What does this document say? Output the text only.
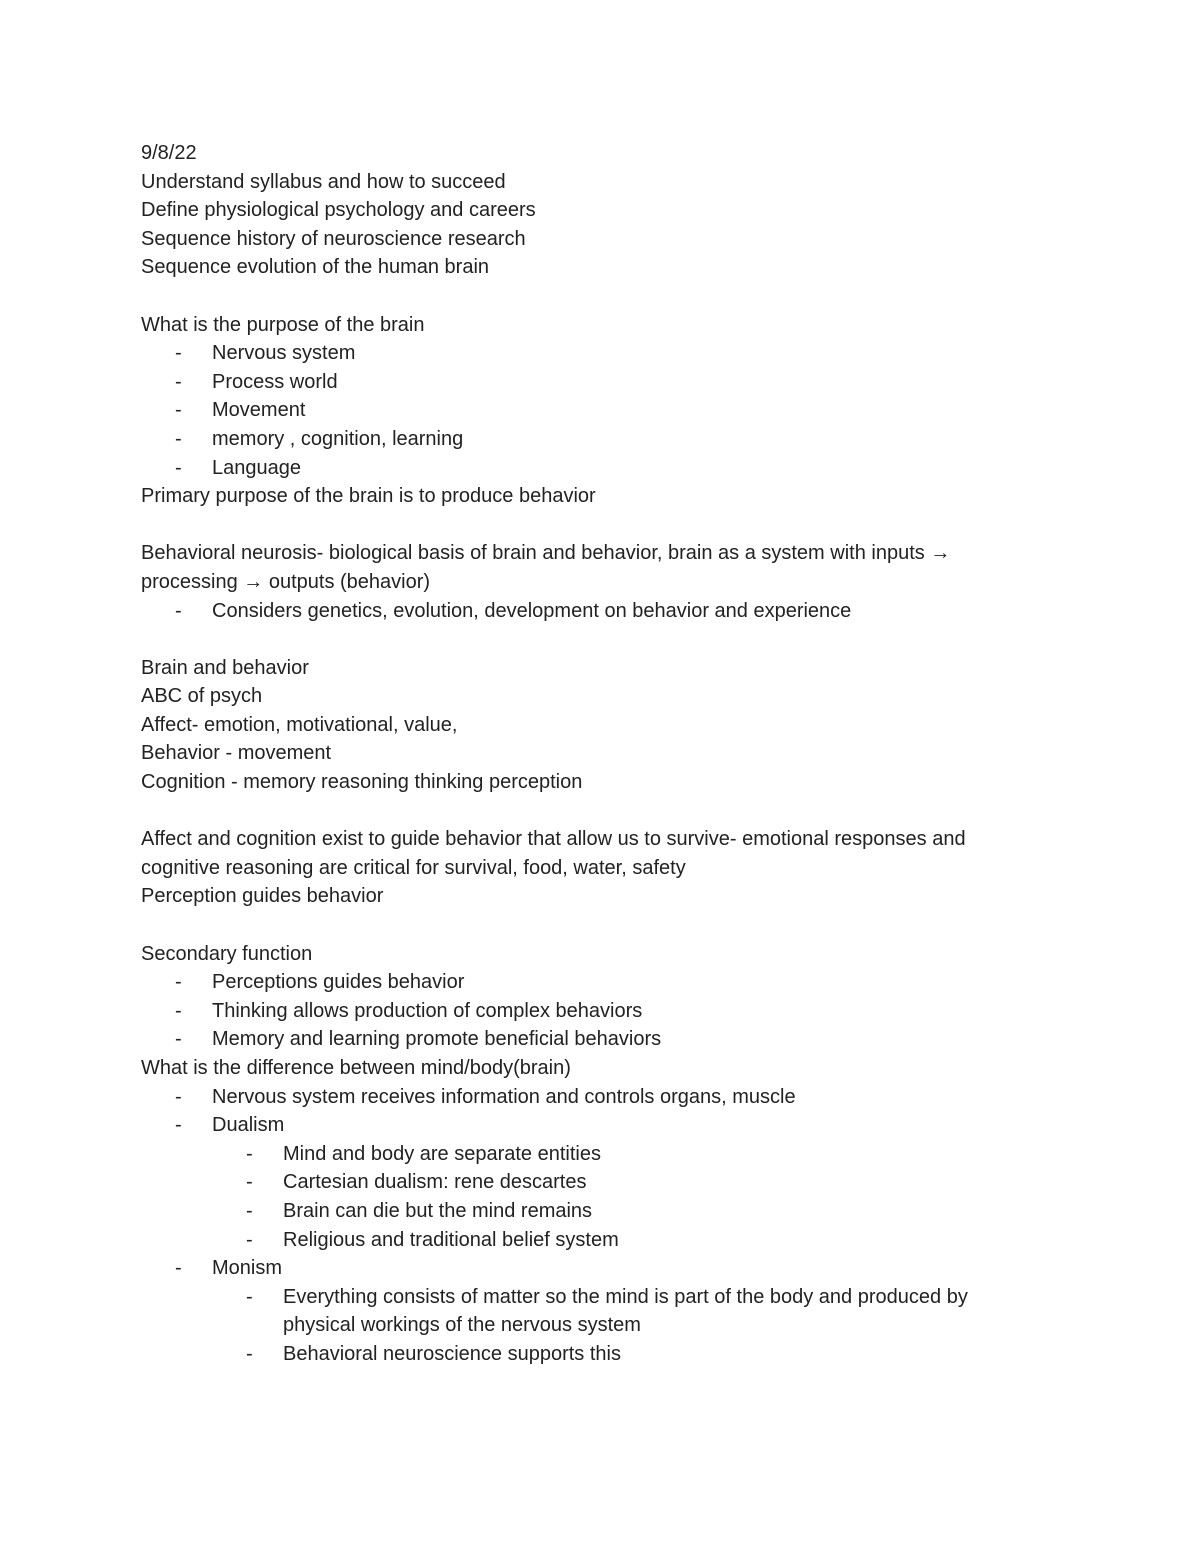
9/8/22
Understand syllabus and how to succeed
Define physiological psychology and careers
Sequence history of neuroscience research
Sequence evolution of the human brain
What is the purpose of the brain
- Nervous system
- Process world
- Movement
- memory , cognition, learning
- Language
Primary purpose of the brain is to produce behavior
Behavioral neurosis- biological basis of brain and behavior, brain as a system with inputs →
processing → outputs (behavior)
- Considers genetics, evolution, development on behavior and experience
Brain and behavior
ABC of psych
Affect- emotion, motivational, value,
Behavior - movement
Cognition - memory reasoning thinking perception
Affect and cognition exist to guide behavior that allow us to survive- emotional responses and
cognitive reasoning are critical for survival, food, water, safety
Perception guides behavior
Secondary function
- Perceptions guides behavior
- Thinking allows production of complex behaviors
- Memory and learning promote beneficial behaviors
What is the difference between mind/body(brain)
- Nervous system receives information and controls organs, muscle
- Dualism
- Mind and body are separate entities
- Cartesian dualism: rene descartes
- Brain can die but the mind remains
- Religious and traditional belief system
- Monism
- Everything consists of matter so the mind is part of the body and produced by
physical workings of the nervous system
- Behavioral neuroscience supports this
